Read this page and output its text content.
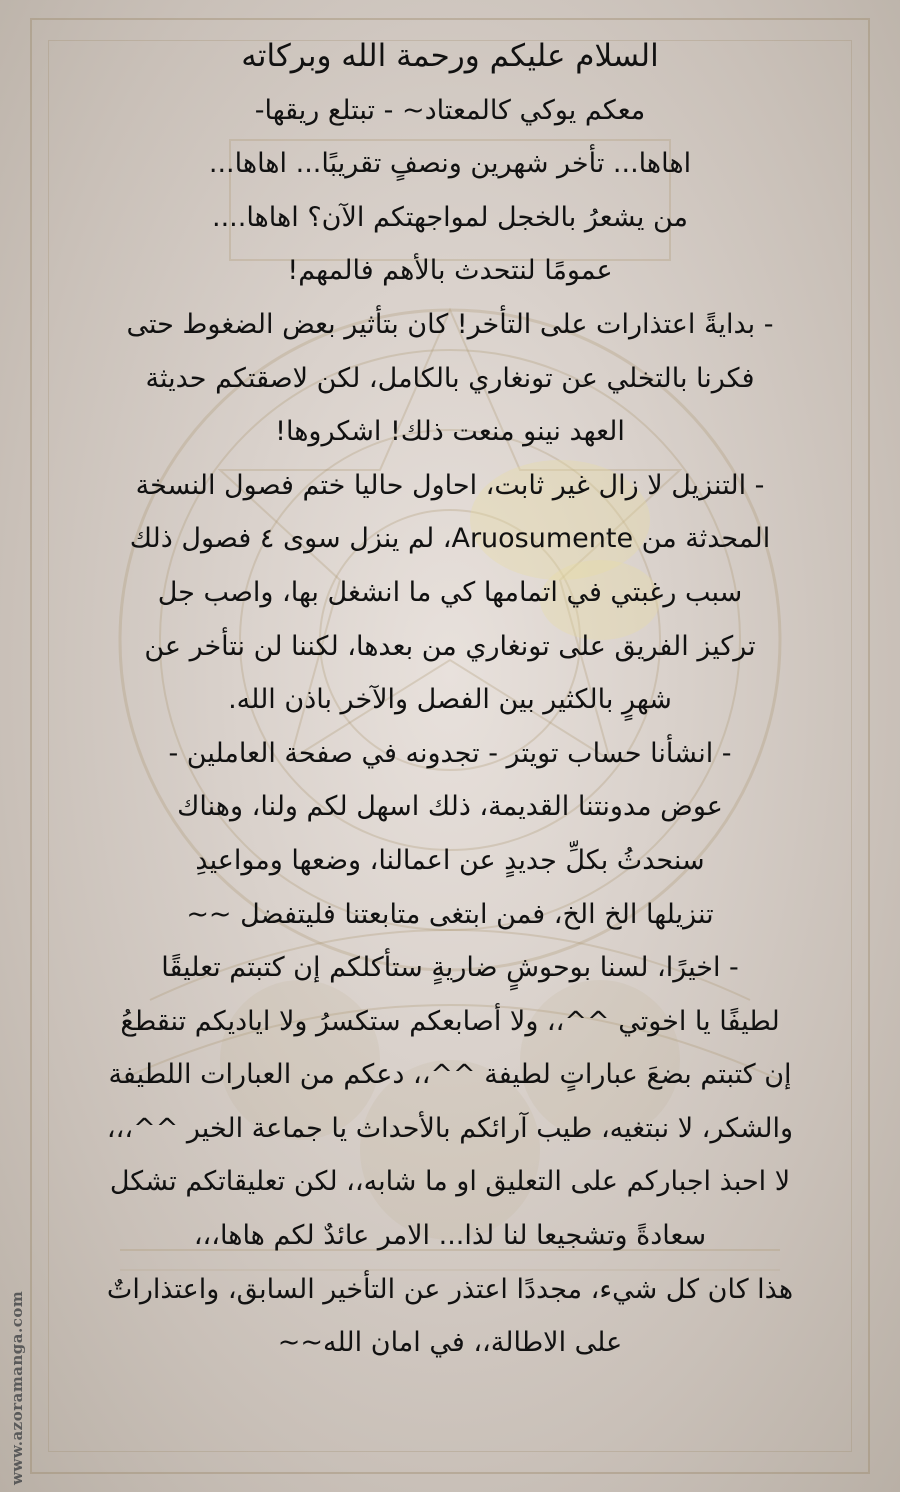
السلام عليكم ورحمة الله وبركاته
معكم يوكي كالمعتاد~ - تبتلع ريقها-
اهاها... تأخر شهرين ونصفٍ تقريبًا... اهاها...
من يشعرُ بالخجل لمواجهتكم الآن؟ اهاها....
عمومًا لنتحدث بالأهم فالمهم!
- بدايةً اعتذارات على التأخر! كان بتأثير بعض الضغوط حتى
فكرنا بالتخلي عن تونغاري بالكامل، لكن لاصقتكم حديثة
العهد نينو منعت ذلك! اشكروها!
- التنزيل لا زال غير ثابت، احاول حاليا ختم فصول النسخة
المحدثة من Aruosumente، لم ينزل سوى ٤ فصول ذلك
سبب رغبتي في اتمامها كي ما انشغل بها، واصب جل
تركيز الفريق على تونغاري من بعدها، لكننا لن نتأخر عن
شهرٍ بالكثير بين الفصل والآخر باذن الله.
- انشأنا حساب تويتر - تجدونه في صفحة العاملين -
عوض مدونتنا القديمة، ذلك اسهل لكم ولنا، وهناك
سنحدثُ بكلِّ جديدٍ عن اعمالنا، وضعها ومواعيدِ
تنزيلها الخ الخ، فمن ابتغى متابعتنا فليتفضل ~~
- اخيرًا، لسنا بوحوشٍ ضاريةٍ ستأكلكم إن كتبتم تعليقًا
لطيفًا يا اخوتي ^^،، ولا أصابعكم ستكسرُ ولا اياديكم تنقطعُ
إن كتبتم بضعَ عباراتٍ لطيفة ^^،، دعكم من العبارات اللطيفة
والشكر، لا نبتغيه، طيب آرائكم بالأحداث يا جماعة الخير ^^،،،
لا احبذ اجباركم على التعليق او ما شابه،، لكن تعليقاتكم تشكل
سعادةً وتشجيعا لنا لذا... الامر عائدٌ لكم هاها،،،
هذا كان كل شيء، مجددًا اعتذر عن التأخير السابق، واعتذاراتٌ
على الاطالة،، في امان الله~~
www.azoramanga.com
